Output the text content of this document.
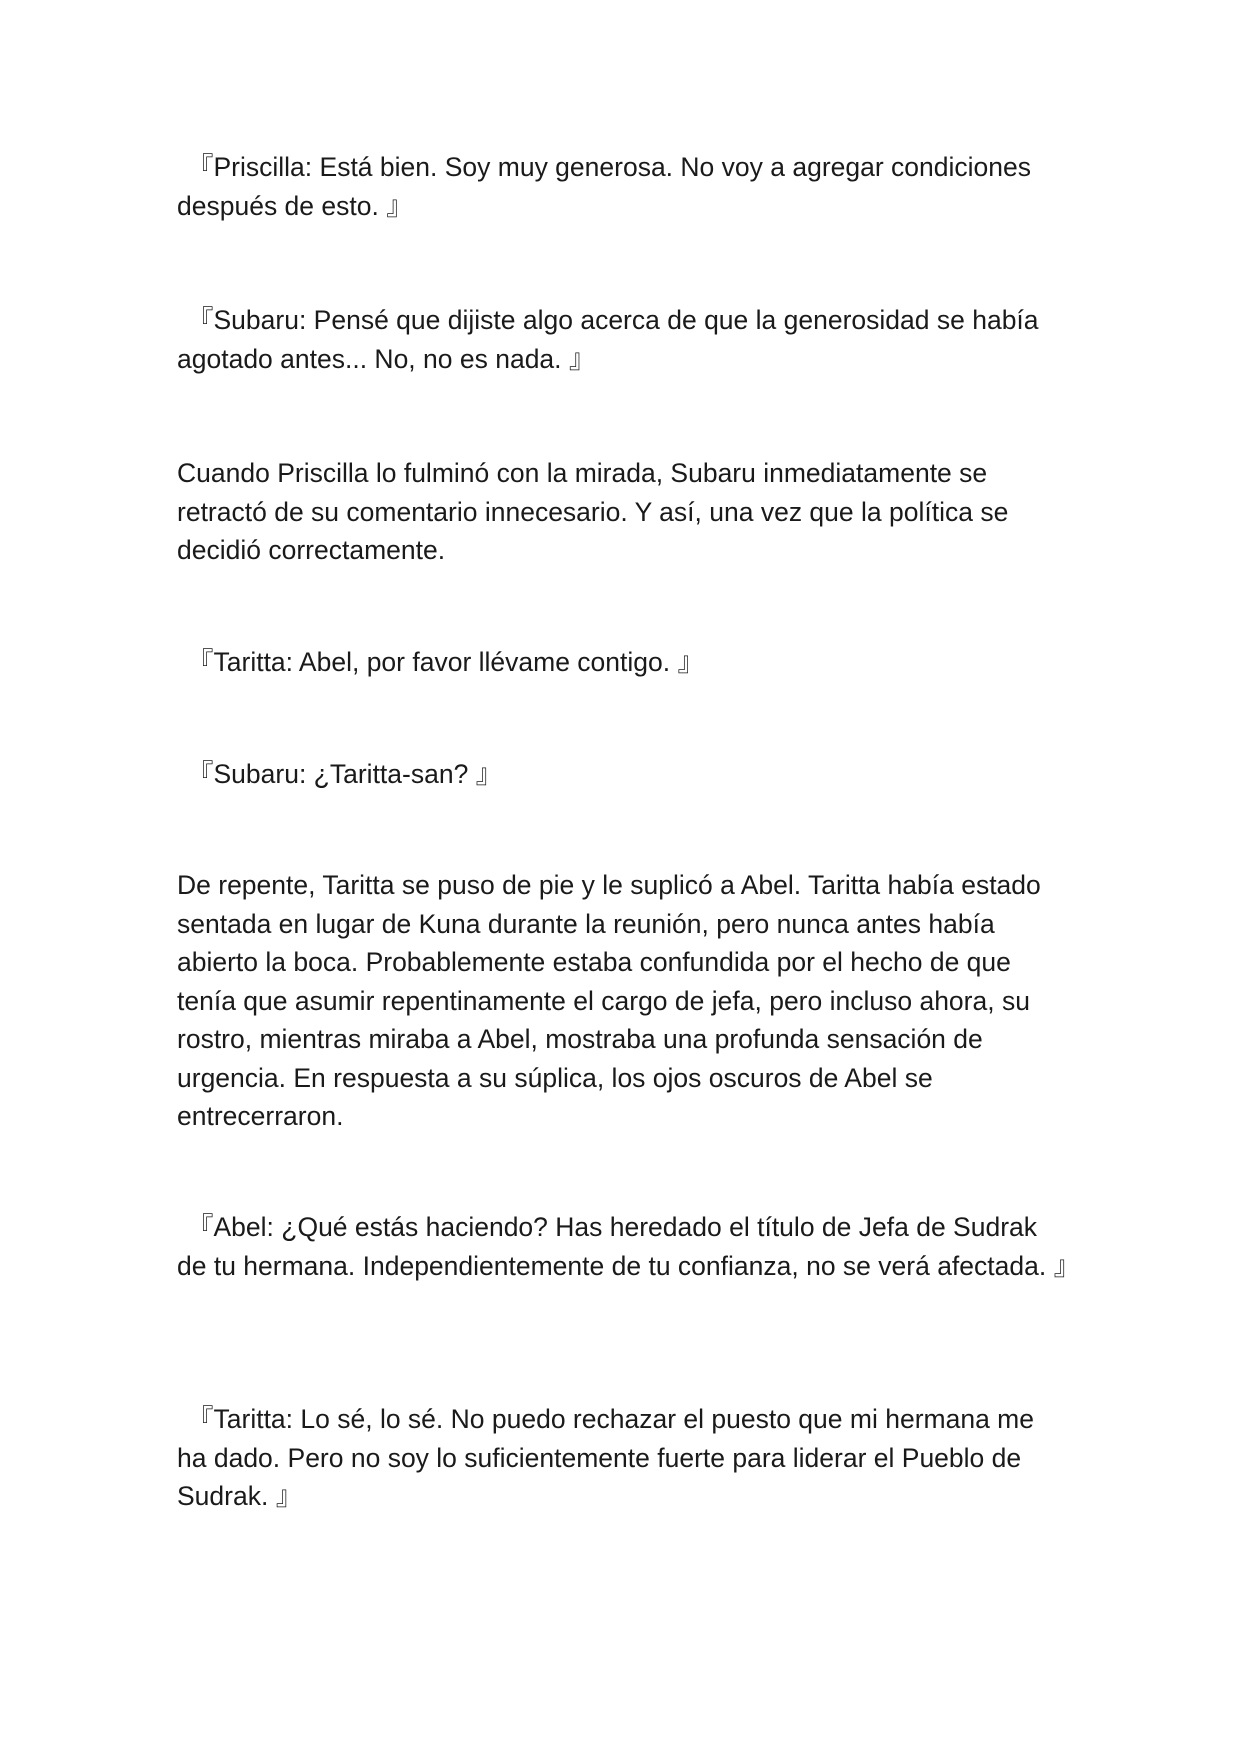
『Priscilla: Está bien. Soy muy generosa. No voy a agregar condiciones después de esto. 』

『Subaru: Pensé que dijiste algo acerca de que la generosidad se había agotado antes... No, no es nada. 』

Cuando Priscilla lo fulminó con la mirada, Subaru inmediatamente se retractó de su comentario innecesario. Y así, una vez que la política se decidió correctamente.

『Taritta: Abel, por favor llévame contigo. 』

『Subaru: ¿Taritta-san? 』

De repente, Taritta se puso de pie y le suplicó a Abel. Taritta había estado sentada en lugar de Kuna durante la reunión, pero nunca antes había abierto la boca. Probablemente estaba confundida por el hecho de que tenía que asumir repentinamente el cargo de jefa, pero incluso ahora, su rostro, mientras miraba a Abel, mostraba una profunda sensación de urgencia. En respuesta a su súplica, los ojos oscuros de Abel se entrecerraron.

『Abel: ¿Qué estás haciendo? Has heredado el título de Jefa de Sudrak de tu hermana. Independientemente de tu confianza, no se verá afectada. 』

『Taritta: Lo sé, lo sé. No puedo rechazar el puesto que mi hermana me ha dado. Pero no soy lo suficientemente fuerte para liderar el Pueblo de Sudrak. 』
